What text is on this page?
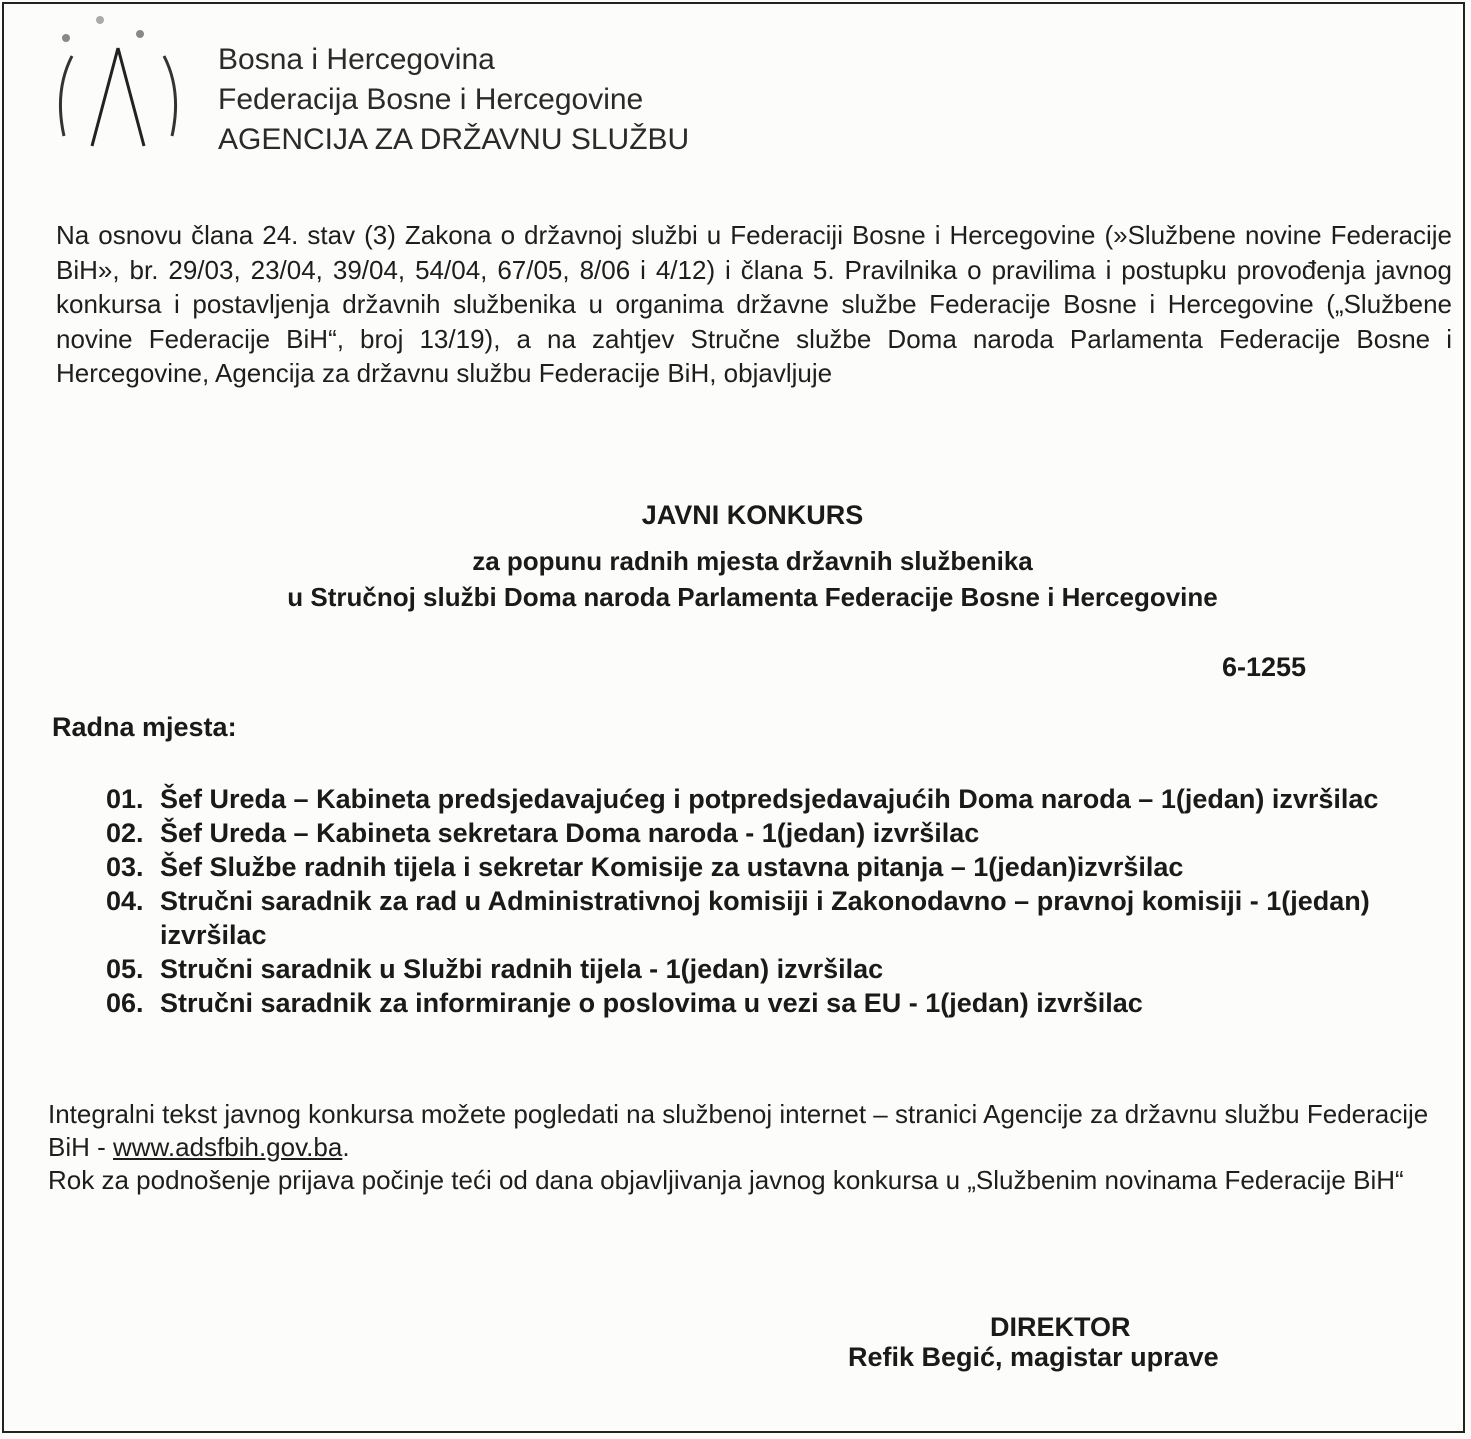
Bosna i Hercegovina
Federacija Bosne i Hercegovine
AGENCIJA ZA DRŽAVNU SLUŽBU
Na osnovu člana 24. stav (3) Zakona o državnoj službi u Federaciji Bosne i Hercegovine (»Službene novine Federacije BiH», br. 29/03, 23/04, 39/04, 54/04, 67/05, 8/06 i 4/12) i člana 5. Pravilnika o pravilima i postupku provođenja javnog konkursa i postavljenja državnih službenika u organima državne službe Federacije Bosne i Hercegovine („Službene novine Federacije BiH“, broj 13/19), a na zahtjev Stručne službe Doma naroda Parlamenta Federacije Bosne i Hercegovine, Agencija za državnu službu Federacije BiH, objavljuje
JAVNI KONKURS
za popunu radnih mjesta državnih službenika
u Stručnoj službi Doma naroda Parlamenta Federacije Bosne i Hercegovine
6-1255
Radna mjesta:
01. Šef Ureda – Kabineta predsjedavajućeg i potpredsjedavajućih Doma naroda – 1(jedan) izvršilac
02. Šef Ureda – Kabineta sekretara Doma naroda - 1(jedan) izvršilac
03. Šef Službe radnih tijela i sekretar Komisije za ustavna pitanja – 1(jedan)izvršilac
04. Stručni saradnik za rad u Administrativnoj komisiji i Zakonodavno – pravnoj komisiji - 1(jedan) izvršilac
05. Stručni saradnik u Službi radnih tijela - 1(jedan) izvršilac
06. Stručni saradnik za informiranje o poslovima u vezi sa EU - 1(jedan) izvršilac
Integralni tekst javnog konkursa možete pogledati na službenoj internet – stranici Agencije za državnu službu Federacije BiH - www.adsfbih.gov.ba.
Rok za podnošenje prijava počinje teći od dana objavljivanja javnog konkursa u „Službenim novinama Federacije BiH“
DIREKTOR
Refik Begić, magistar uprave
